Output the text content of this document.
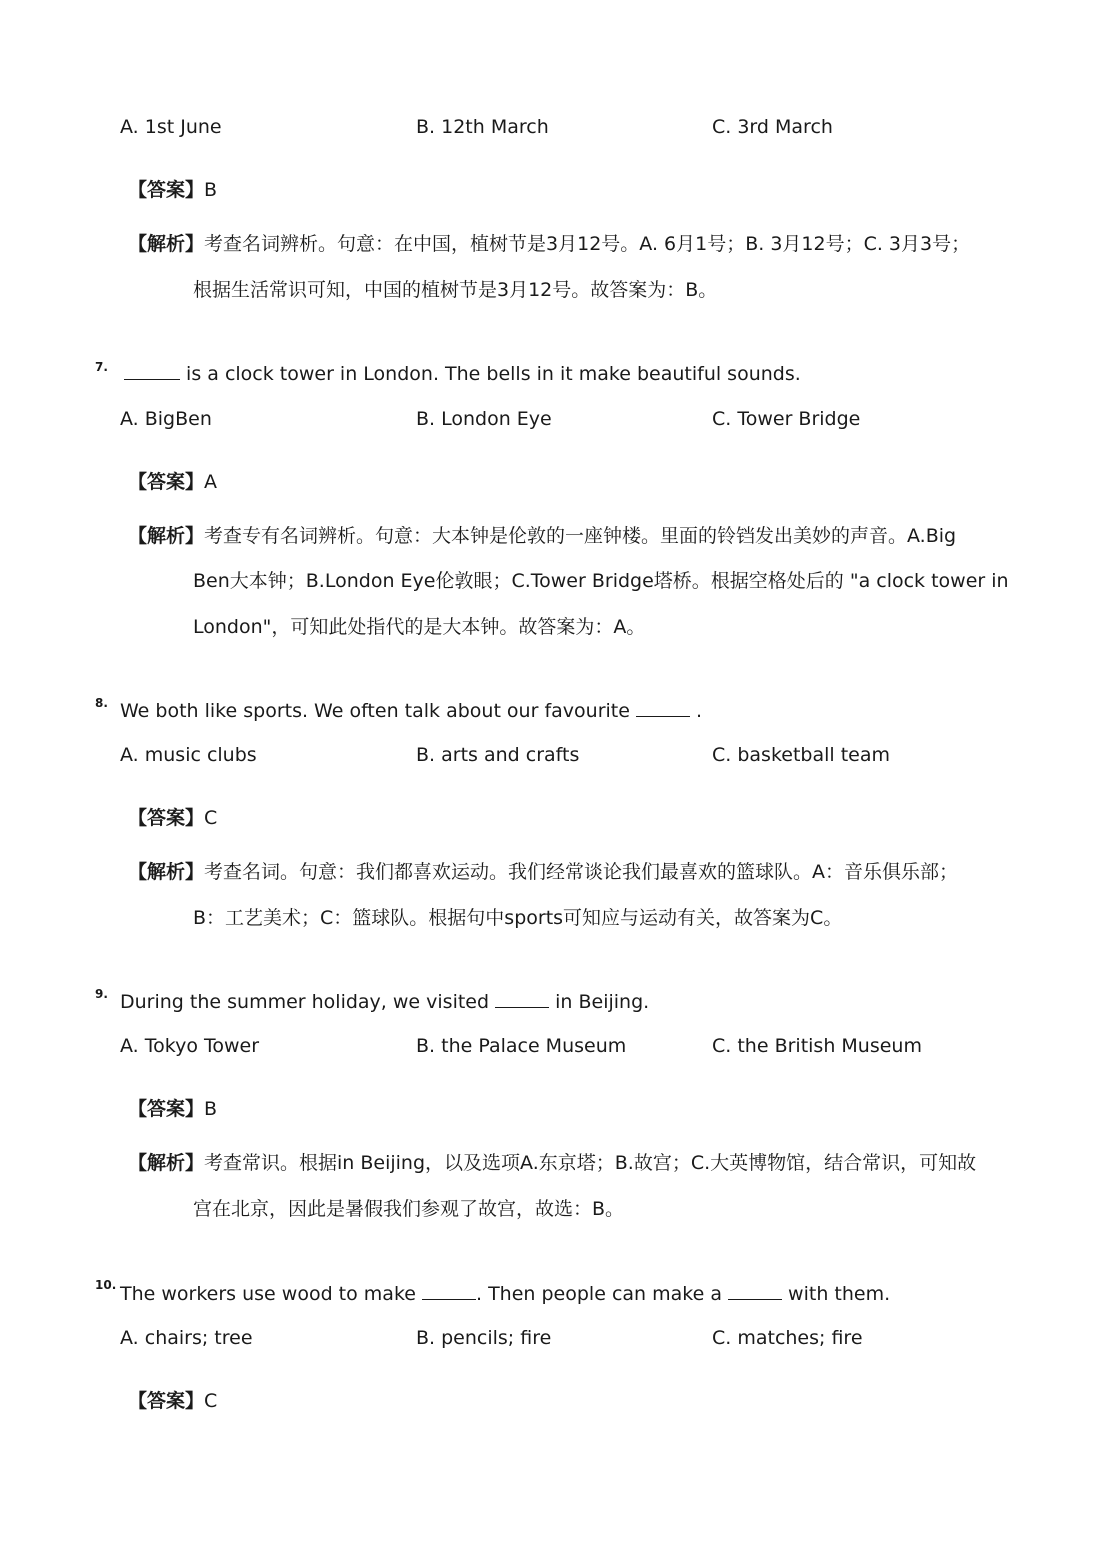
A. 1st June	B. 12th March	C. 3rd March
【答案】B
【解析】考查名词辨析。句意：在中国，植树节是3月12号。A. 6月1号；B. 3月12号；C. 3月3号；
根据生活常识可知，中国的植树节是3月12号。故答案为：B。
7.	is a clock tower in London. The bells in it make beautiful sounds.
A. BigBen	B. London Eye	C. Tower Bridge
【答案】A
【解析】考查专有名词辨析。句意：大本钟是伦敦的一座钟楼。里面的铃铛发出美妙的声音。A.Big
Ben大本钟；B.London Eye伦敦眼；C.Tower Bridge塔桥。根据空格处后的 "a clock tower in
London"，可知此处指代的是大本钟。故答案为：A。
8. We both like sports. We often talk about our favourite	.
A. music clubs	B. arts and crafts	C. basketball team
【答案】C
【解析】考查名词。句意：我们都喜欢运动。我们经常谈论我们最喜欢的篮球队。A：音乐俱乐部；
B：工艺美术；C：篮球队。根据句中sports可知应与运动有关，故答案为C。
9. During the summer holiday, we visited	in Beijing.
A. Tokyo Tower	B. the Palace Museum	C. the British Museum
【答案】B
【解析】考查常识。根据in Beijing，以及选项A.东京塔；B.故宫；C.大英博物馆，结合常识，可知故
宫在北京，因此是暑假我们参观了故宫，故选：B。
10. The workers use wood to make	. Then people can make a	with them.
A. chairs; tree	B. pencils; fire	C. matches; fire
【答案】C
